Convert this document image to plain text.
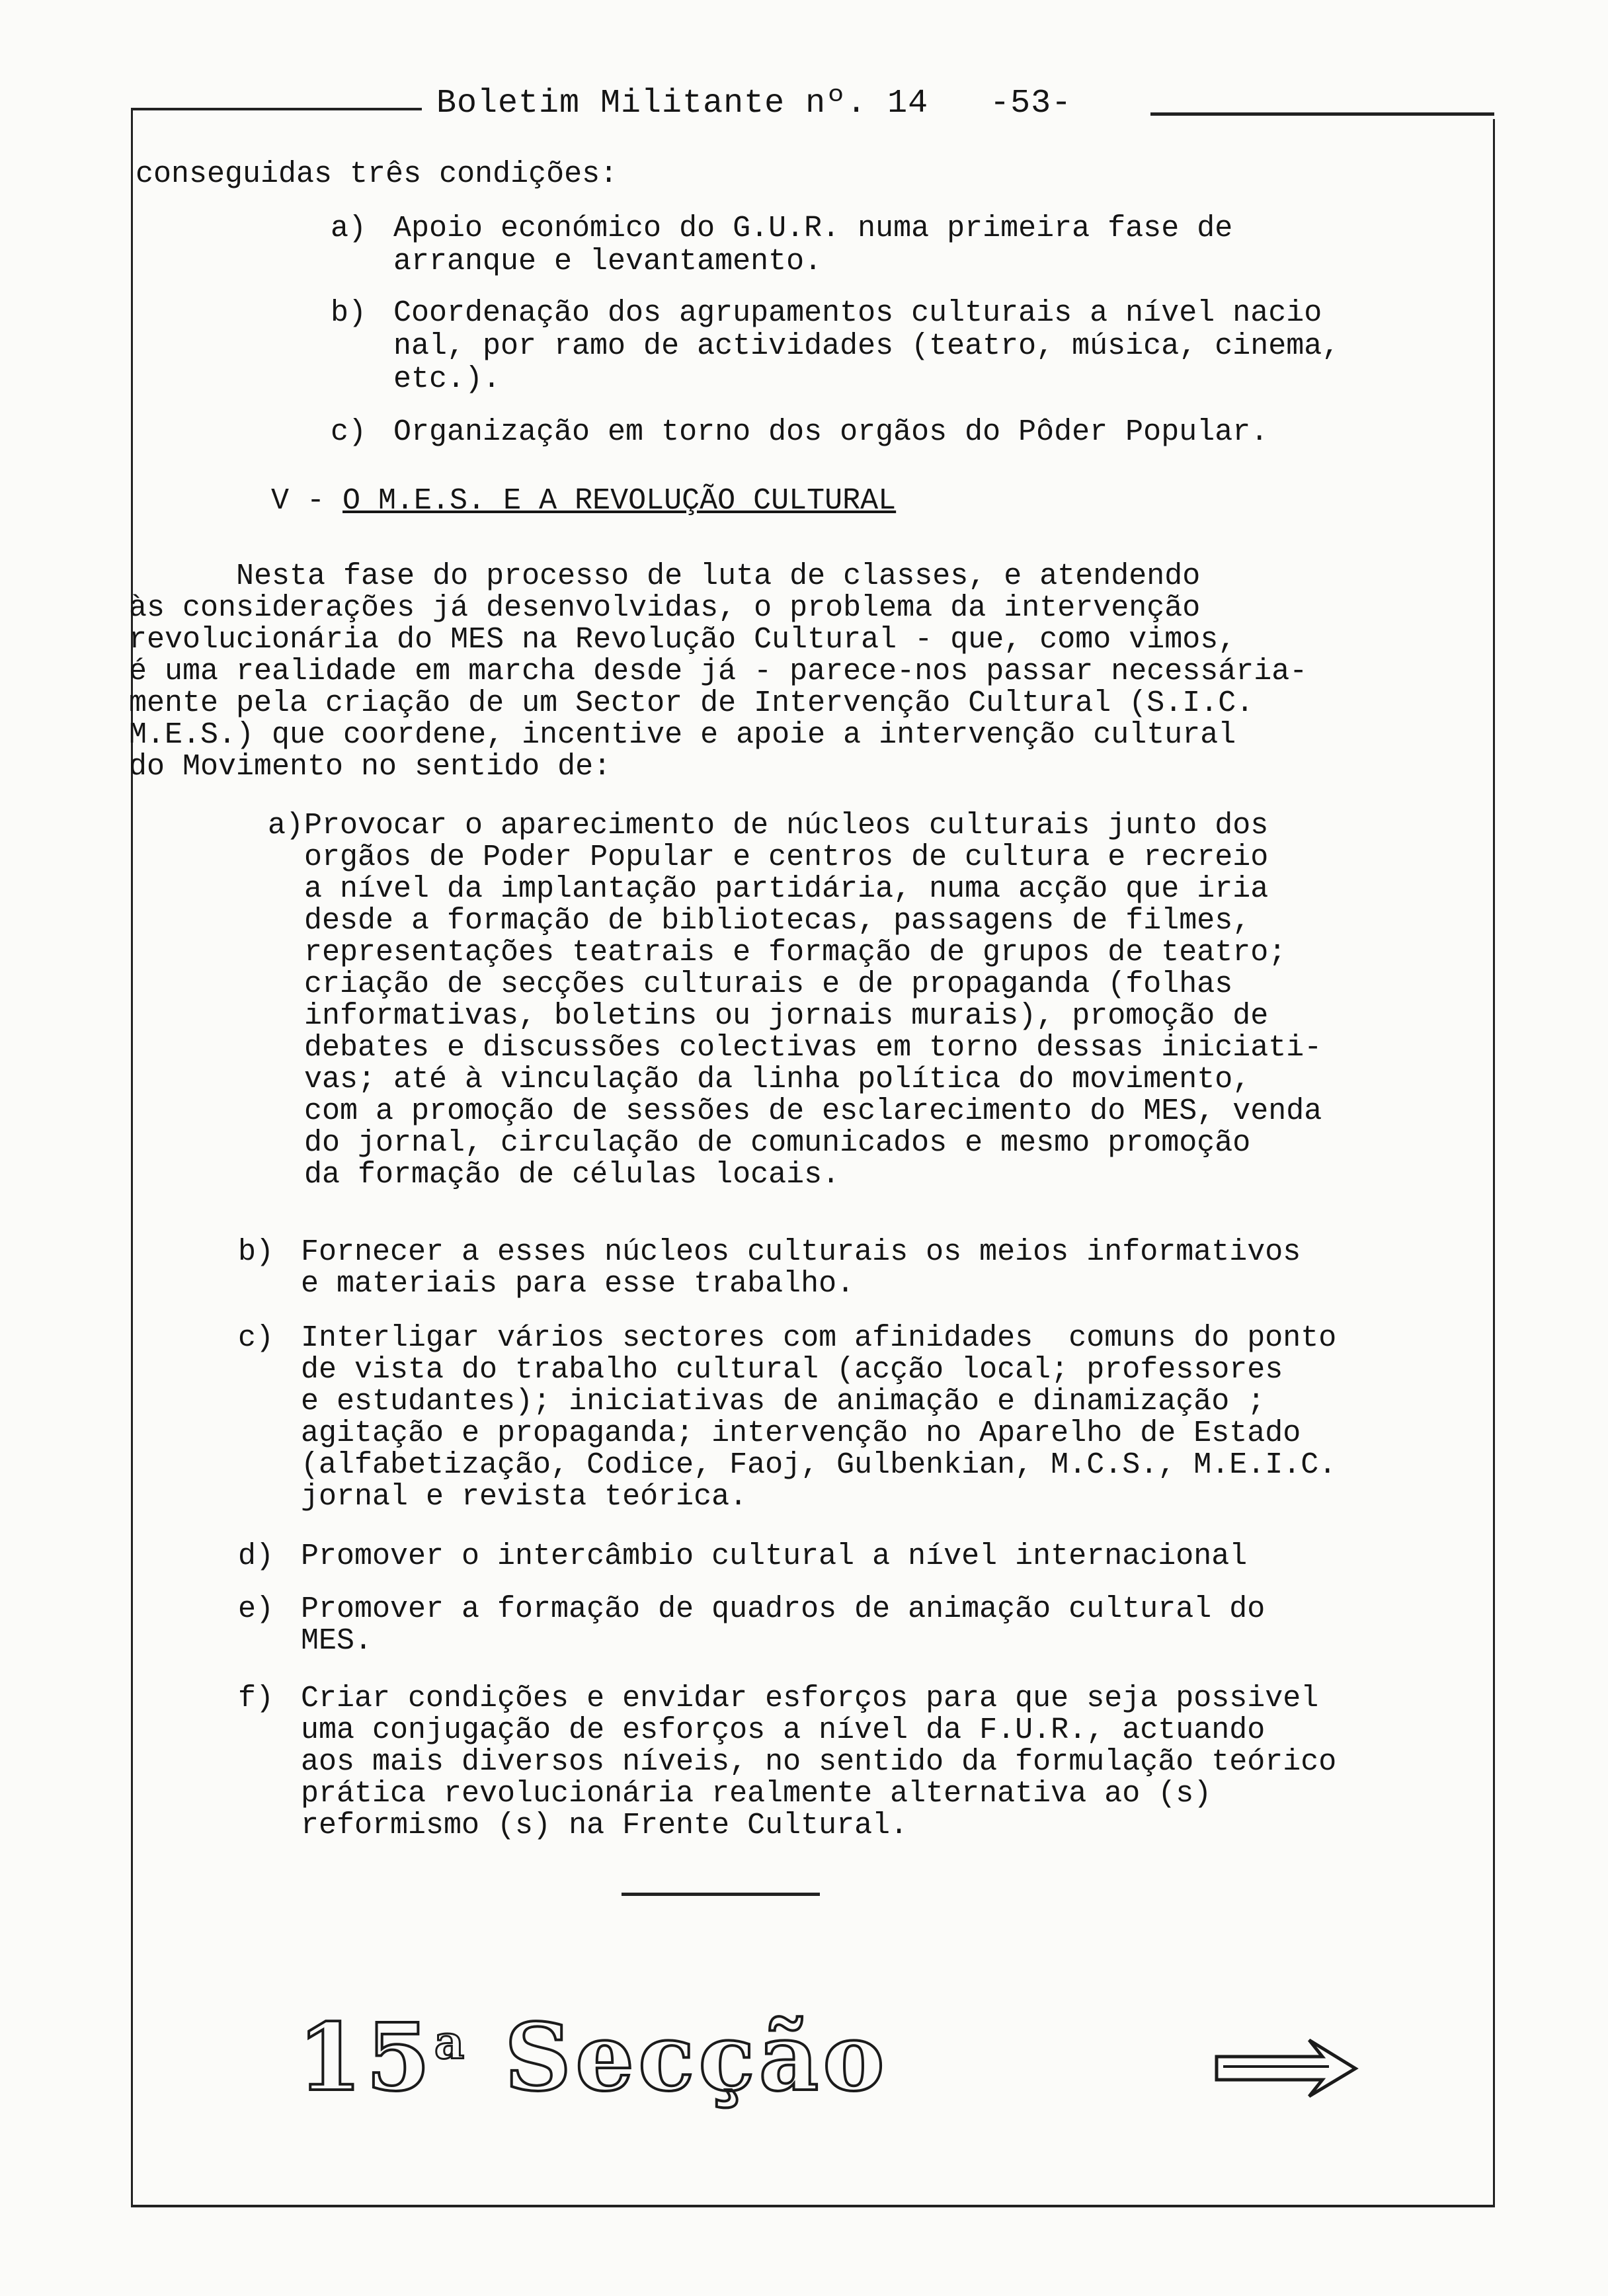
Boletim Militante nº. 14 -53-
conseguidas três condições:
a) Apoio económico do G.U.R. numa primeira fase de
arranque e levantamento.
b) Coordenação dos agrupamentos culturais a nível nacio
nal, por ramo de actividades (teatro, música, cinema,
etc.).
c) Organização em torno dos orgãos do Pôder Popular.
V - O M.E.S. E A REVOLUÇÃO CULTURAL
Nesta fase do processo de luta de classes, e atendendo
às considerações já desenvolvidas, o problema da intervenção
revolucionária do MES na Revolução Cultural - que, como vimos,
é uma realidade em marcha desde já - parece-nos passar necessária-
mente pela criação de um Sector de Intervenção Cultural (S.I.C.
M.E.S.) que coordene, incentive e apoie a intervenção cultural
do Movimento no sentido de:
a) Provocar o aparecimento de núcleos culturais junto dos
orgãos de Poder Popular e centros de cultura e recreio
a nível da implantação partidária, numa acção que iria
desde a formação de bibliotecas, passagens de filmes,
representações teatrais e formação de grupos de teatro;
criação de secções culturais e de propaganda (folhas
informativas, boletins ou jornais murais), promoção de
debates e discussões colectivas em torno dessas iniciati-
vas; até à vinculação da linha política do movimento,
com a promoção de sessões de esclarecimento do MES, venda
do jornal, circulação de comunicados e mesmo promoção
da formação de células locais.
b) Fornecer a esses núcleos culturais os meios informativos
e materiais para esse trabalho.
c) Interligar vários sectores com afinidades  comuns do ponto
de vista do trabalho cultural (acção local; professores
e estudantes); iniciativas de animação e dinamização ;
agitação e propaganda; intervenção no Aparelho de Estado
(alfabetização, Codice, Faoj, Gulbenkian, M.C.S., M.E.I.C.
jornal e revista teórica.
d) Promover o intercâmbio cultural a nível internacional
e) Promover a formação de quadros de animação cultural do
MES.
f) Criar condições e envidar esforços para que seja possivel
uma conjugação de esforços a nível da F.U.R., actuando
aos mais diversos níveis, no sentido da formulação teórico
prática revolucionária realmente alternativa ao (s)
reformismo (s) na Frente Cultural.
15$^a$ Secção
